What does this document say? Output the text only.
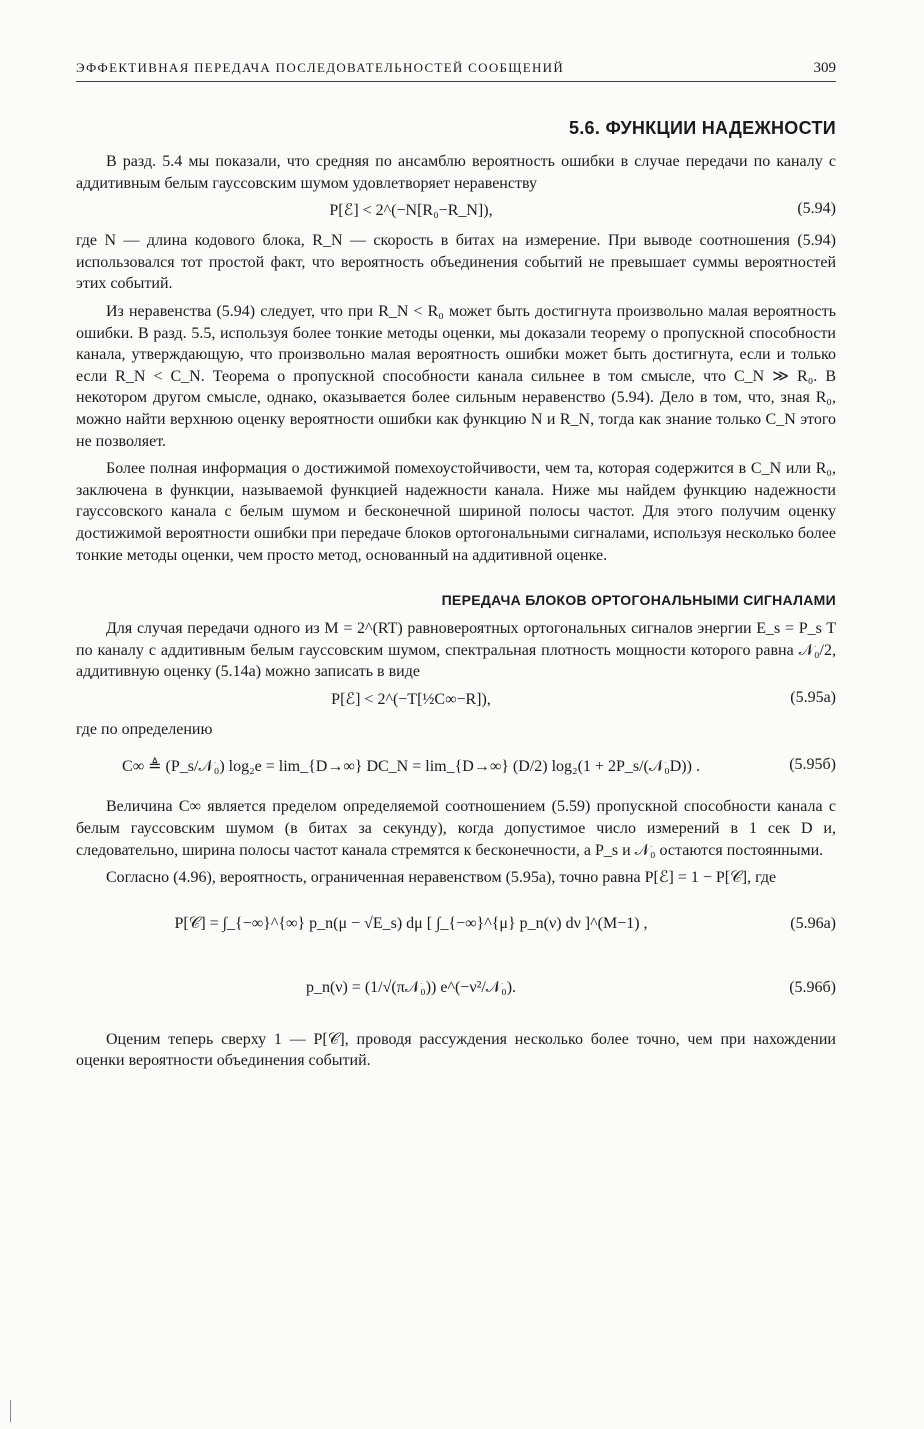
ЭФФЕКТИВНАЯ ПЕРЕДАЧА ПОСЛЕДОВАТЕЛЬНОСТЕЙ СООБЩЕНИЙ	309
5.6. ФУНКЦИИ НАДЕЖНОСТИ

В разд. 5.4 мы показали, что средняя по ансамблю вероятность ошибки в случае передачи по каналу с аддитивным белым гауссовским шумом удовлетворяет неравенству

P[ℰ] < 2^(−N[R₀−R_N]),	(5.94)

где N — длина кодового блока, R_N — скорость в битах на измерение. При выводе соотношения (5.94) использовался тот простой факт, что вероятность объединения событий не превышает суммы вероятностей этих событий.

Из неравенства (5.94) следует, что при R_N < R₀ может быть достигнута произвольно малая вероятность ошибки. В разд. 5.5, используя более тонкие методы оценки, мы доказали теорему о пропускной способности канала, утверждающую, что произвольно малая вероятность ошибки может быть достигнута, если и только если R_N < C_N. Теорема о пропускной способности канала сильнее в том смысле, что C_N ≫ R₀. В некотором другом смысле, однако, оказывается более сильным неравенство (5.94). Дело в том, что, зная R₀, можно найти верхнюю оценку вероятности ошибки как функцию N и R_N, тогда как знание только C_N этого не позволяет.

Более полная информация о достижимой помехоустойчивости, чем та, которая содержится в C_N или R₀, заключена в функции, называемой функцией надежности канала. Ниже мы найдем функцию надежности гауссовского канала с белым шумом и бесконечной шириной полосы частот. Для этого получим оценку достижимой вероятности ошибки при передаче блоков ортогональными сигналами, используя несколько более тонкие методы оценки, чем просто метод, основанный на аддитивной оценке.

ПЕРЕДАЧА БЛОКОВ ОРТОГОНАЛЬНЫМИ СИГНАЛАМИ

Для случая передачи одного из M = 2^(RT) равновероятных ортогональных сигналов энергии E_s = P_s T по каналу с аддитивным белым гауссовским шумом, спектральная плотность мощности которого равна 𝒩₀/2, аддитивную оценку (5.14а) можно записать в виде

P[ℰ] < 2^(−T[½C∞−R]),	(5.95а)

где по определению

C∞ ≜ (P_s/𝒩₀) log₂e = lim_{D→∞} DC_N = lim_{D→∞} (D/2) log₂(1 + 2P_s/(𝒩₀D)) .	(5.95б)

Величина C∞ является пределом определяемой соотношением (5.59) пропускной способности канала с белым гауссовским шумом (в битах за секунду), когда допустимое число измерений в 1 сек D и, следовательно, ширина полосы частот канала стремятся к бесконечности, а P_s и 𝒩₀ остаются постоянными.

Согласно (4.96), вероятность, ограниченная неравенством (5.95а), точно равна P[ℰ] = 1 − P[𝒞], где

P[𝒞] = ∫_{−∞}^{∞} p_n(μ − √E_s) dμ [ ∫_{−∞}^{μ} p_n(ν) dν ]^(M−1) ,	(5.96а)
p_n(ν) = (1/√(π𝒩₀)) e^(−ν²/𝒩₀).	(5.96б)

Оценим теперь сверху 1 — P[𝒞], проводя рассуждения несколько более точно, чем при нахождении оценки вероятности объединения событий.
